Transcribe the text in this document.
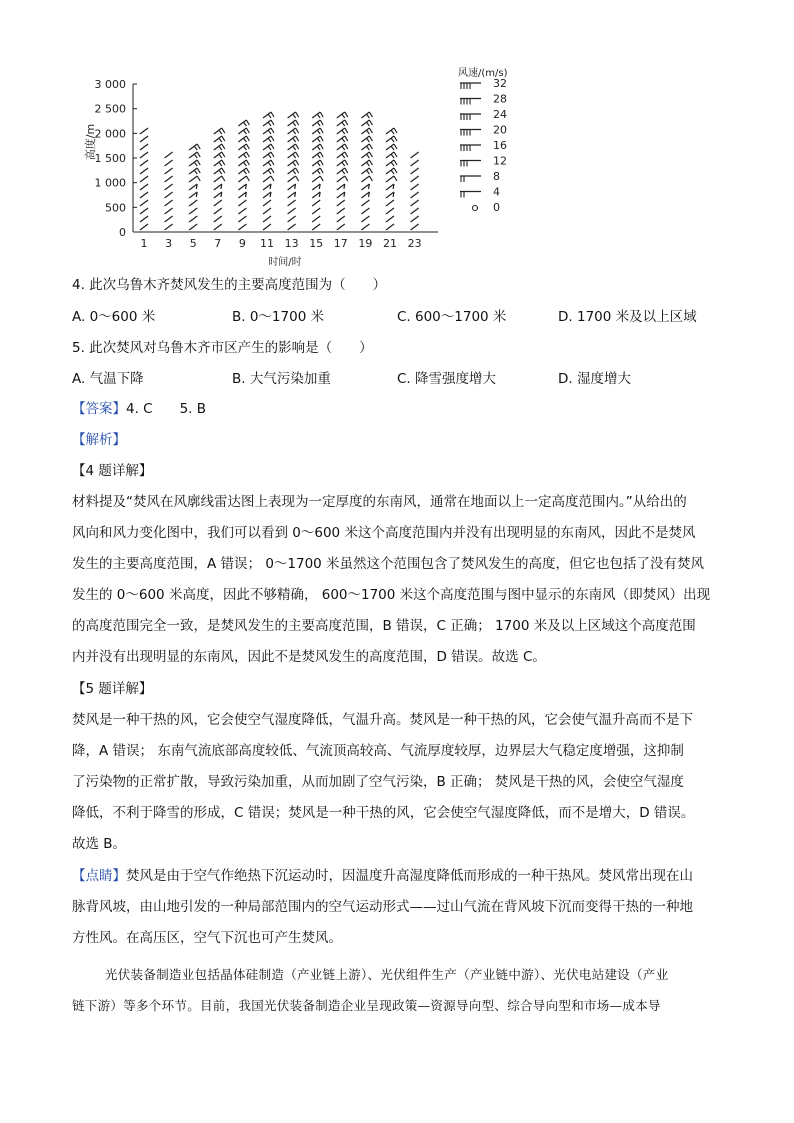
高度/m
3 000
2 500
2 000
1 500
1 000
500
0
1 3 5 7 9 11 13 15 17 19 21 23
时间/时
风速/(m/s)
32
28
24
20
16
12
8
4
0
4. 此次乌鲁木齐焚风发生的主要高度范围为（　　）
A. 0～600 米	B. 0～1700 米	C. 600～1700 米	D. 1700 米及以上区域
5. 此次焚风对乌鲁木齐市区产生的影响是（　　）
A. 气温下降	B. 大气污染加重	C. 降雪强度增大	D. 湿度增大
【答案】4. C　　5. B
【解析】
【4 题详解】
材料提及“焚风在风廓线雷达图上表现为一定厚度的东南风，通常在地面以上一定高度范围内。”从给出的
风向和风力变化图中，我们可以看到 0～600 米这个高度范围内并没有出现明显的东南风，因此不是焚风
发生的主要高度范围，A 错误； 0～1700 米虽然这个范围包含了焚风发生的高度，但它也包括了没有焚风
发生的 0～600 米高度，因此不够精确， 600～1700 米这个高度范围与图中显示的东南风（即焚风）出现
的高度范围完全一致，是焚风发生的主要高度范围，B 错误，C 正确； 1700 米及以上区域这个高度范围
内并没有出现明显的东南风，因此不是焚风发生的高度范围，D 错误。故选 C。
【5 题详解】
焚风是一种干热的风，它会使空气湿度降低，气温升高。焚风是一种干热的风，它会使气温升高而不是下
降，A 错误； 东南气流底部高度较低、气流顶高较高、气流厚度较厚，边界层大气稳定度增强，这抑制
了污染物的正常扩散，导致污染加重，从而加剧了空气污染，B 正确； 焚风是干热的风，会使空气湿度
降低，不利于降雪的形成，C 错误；焚风是一种干热的风，它会使空气湿度降低，而不是增大，D 错误。
故选 B。
【点睛】焚风是由于空气作绝热下沉运动时，因温度升高湿度降低而形成的一种干热风。焚风常出现在山
脉背风坡，由山地引发的一种局部范围内的空气运动形式——过山气流在背风坡下沉而变得干热的一种地
方性风。在高压区，空气下沉也可产生焚风。
光伏装备制造业包括晶体硅制造（产业链上游）、光伏组件生产（产业链中游）、光伏电站建设（产业
链下游）等多个环节。目前，我国光伏装备制造企业呈现政策—资源导向型、综合导向型和市场—成本导
